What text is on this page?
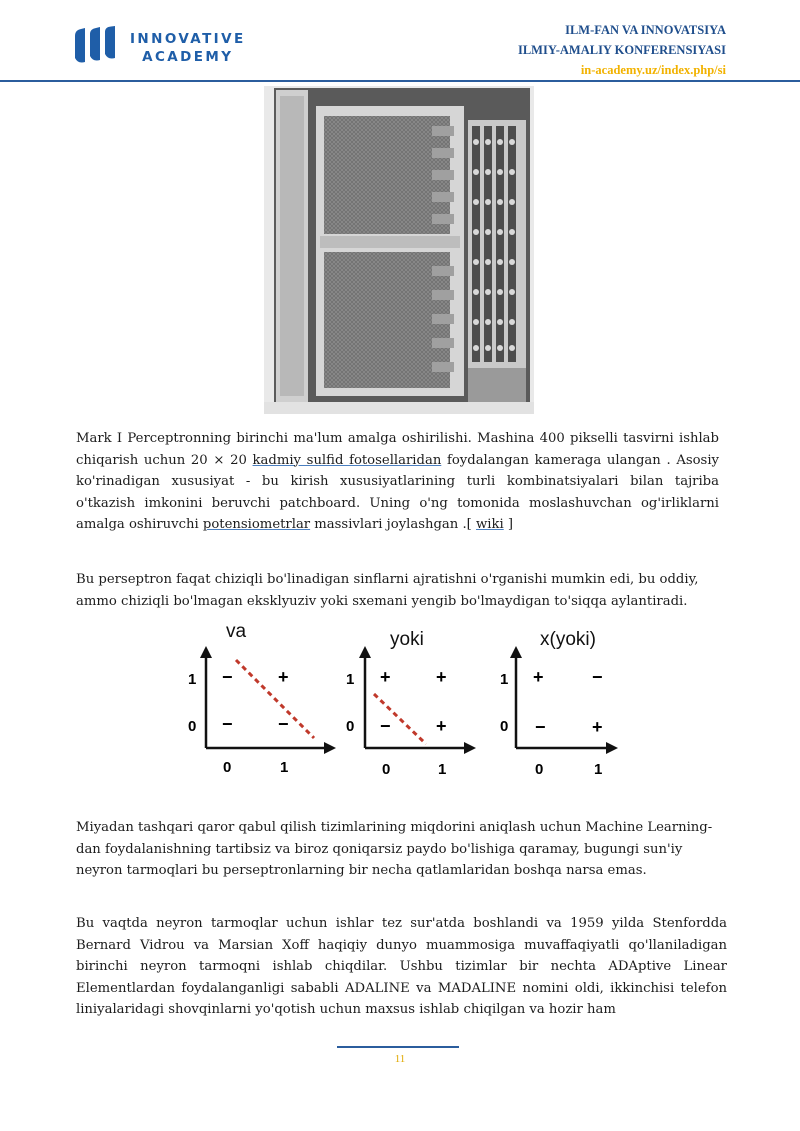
INNOVATIVE
ACADEMY
ILM-FAN VA INNOVATSIYA
ILMIY-AMALIY KONFERENSIYASI
in-academy.uz/index.php/si
Mark I Perceptronning birinchi ma'lum amalga oshirilishi. Mashina 400 pikselli tasvirni ishlab
chiqarish uchun 20 × 20 kadmiy sulfid fotosellaridan foydalangan kameraga ulangan . Asosiy
ko'rinadigan xususiyat - bu kirish xususiyatlarining turli kombinatsiyalari bilan tajriba
o'tkazish imkonini beruvchi patchboard. Uning o'ng tomonida moslashuvchan og'irliklarni
amalga oshiruvchi potensiometrlar massivlari joylashgan .[ wiki ]
Bu perseptron faqat chiziqli bo'linadigan sinflarni ajratishni o'rganishi mumkin edi, bu oddiy,
ammo chiziqli bo'lmagan eksklyuziv yoki sxemani yengib bo'lmaydigan to'siqqa aylantiradi.
va
1
0
0	1
−	+
−	−
yoki
1
0
0	1
+	+
−	+
x(yoki)
1
0
0	1
+	−
−	+
Miyadan tashqari qaror qabul qilish tizimlarining miqdorini aniqlash uchun Machine Learning-
dan foydalanishning tartibsiz va biroz qoniqarsiz paydo bo'lishiga qaramay, bugungi sun'iy
neyron tarmoqlari bu perseptronlarning bir necha qatlamlaridan boshqa narsa emas.
Bu vaqtda neyron tarmoqlar uchun ishlar tez sur'atda boshlandi va 1959 yilda Stenfordda
Bernard Vidrou va Marsian Xoff haqiqiy dunyo muammosiga muvaffaqiyatli qo'llaniladigan
birinchi neyron tarmoqni ishlab chiqdilar. Ushbu tizimlar bir nechta ADAptive Linear
Elementlardan foydalanganligi sababli ADALINE va MADALINE nomini oldi, ikkinchisi telefon
liniyalaridagi shovqinlarni yo'qotish uchun maxsus ishlab chiqilgan va hozir ham
11
